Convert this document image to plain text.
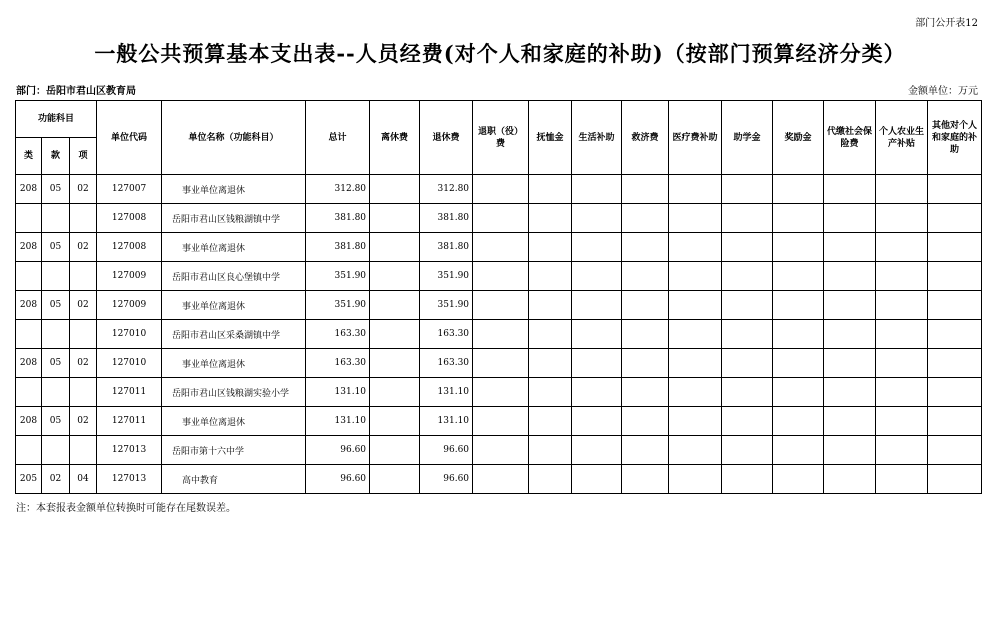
部门公开表12
一般公共预算基本支出表--人员经费(对个人和家庭的补助)（按部门预算经济分类）
部门：岳阳市君山区教育局	金额单位：万元
功能科目			单位代码	单位名称（功能科目）	总计	离休费	退休费	退职（役）费	抚恤金	生活补助	救济费	医疗费补助	助学金	奖励金	代缴社会保险费	个人农业生产补贴	其他对个人和家庭的补助
类	款	项															
208	05	02	127007	事业单位离退休	312.80		312.80										
			127008	岳阳市君山区钱粮湖镇中学	381.80		381.80										
208	05	02	127008	事业单位离退休	381.80		381.80										
			127009	岳阳市君山区良心堡镇中学	351.90		351.90										
208	05	02	127009	事业单位离退休	351.90		351.90										
			127010	岳阳市君山区采桑湖镇中学	163.30		163.30										
208	05	02	127010	事业单位离退休	163.30		163.30										
			127011	岳阳市君山区钱粮湖实验小学	131.10		131.10										
208	05	02	127011	事业单位离退休	131.10		131.10										
			127013	岳阳市第十六中学	96.60		96.60										
205	02	04	127013	高中教育	96.60		96.60										
注：本套报表金额单位转换时可能存在尾数误差。
